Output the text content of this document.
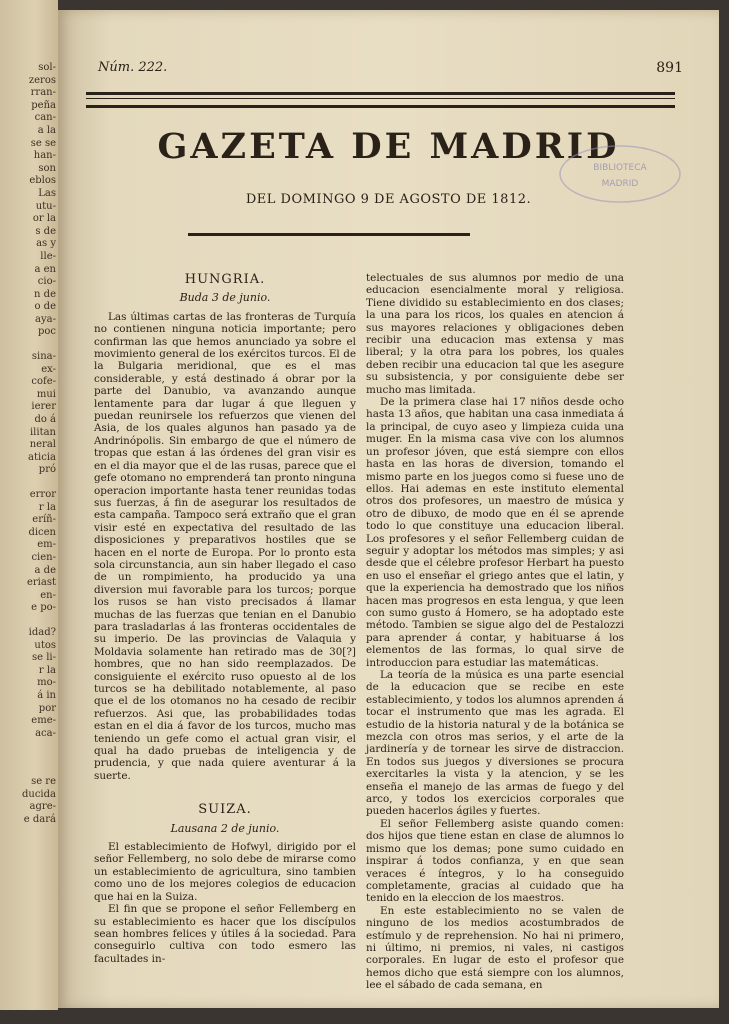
sol-
zeros
rran-
peña
can-
a la
se se
han-
son
eblos
Las
utu-
or la
s de
as y
lle-
a en
cio-
n de
o de
aya-
poc
sina-
ex-
cofe-
mui
ierer
do á
ilitan
neral
aticia
pró
error
r la
eríñ-
dicen
em-
cien-
a de
eriast
en-
e po-
idad?
utos
se li-
r la
mo-
á in
por
eme-
aca-
se re
ducida
agre-
e dará
Núm. 222.	891
GAZETA DE MADRID
DEL DOMINGO 9 DE AGOSTO DE 1812.
BIBLIOTECA
MADRID
HUNGRIA.
Buda 3 de junio.
Las últimas cartas de las fronteras de Turquía no contienen ninguna noticia importante; pero confirman las que hemos anunciado ya sobre el movimiento general de los exércitos turcos. El de la Bulgaria meridional, que es el mas considerable, y está destinado á obrar por la parte del Danubio, va avanzando aunque lentamente para dar lugar á que lleguen y puedan reunirsele los refuerzos que vienen del Asia, de los quales algunos han pasado ya de Andrinópolis. Sin embargo de que el número de tropas que estan á las órdenes del gran visir es en el dia mayor que el de las rusas, parece que el gefe otomano no emprenderá tan pronto ninguna operacion importante hasta tener reunidas todas sus fuerzas, á fin de asegurar los resultados de esta campaña. Tampoco será extraño que el gran visir esté en expectativa del resultado de las disposiciones y preparativos hostiles que se hacen en el norte de Europa. Por lo pronto esta sola circunstancia, aun sin haber llegado el caso de un rompimiento, ha producido ya una diversion mui favorable para los turcos; porque los rusos se han visto precisados á llamar muchas de las fuerzas que tenian en el Danubio para trasladarlas á las fronteras occidentales de su imperio. De las provincias de Valaquia y Moldavia solamente han retirado mas de 30[?] hombres, que no han sido reemplazados. De consiguiente el exército ruso opuesto al de los turcos se ha debilitado notablemente, al paso que el de los otomanos no ha cesado de recibir refuerzos. Asi que, las probabilidades todas estan en el dia á favor de los turcos, mucho mas teniendo un gefe como el actual gran visir, el qual ha dado pruebas de inteligencia y de prudencia, y que nada quiere aventurar á la suerte.
SUIZA.
Lausana 2 de junio.
El establecimiento de Hofwyl, dirigido por el señor Fellemberg, no solo debe de mirarse como un establecimiento de agricultura, sino tambien como uno de los mejores colegios de educacion que hai en la Suiza.
El fin que se propone el señor Fellemberg en su establecimiento es hacer que los discípulos sean hombres felices y útiles á la sociedad. Para conseguirlo cultiva con todo esmero las facultades in-
telectuales de sus alumnos por medio de una educacion esencialmente moral y religiosa. Tiene dividido su establecimiento en dos clases; la una para los ricos, los quales en atencion á sus mayores relaciones y obligaciones deben recibir una educacion mas extensa y mas liberal; y la otra para los pobres, los quales deben recibir una educacion tal que les asegure su subsistencia, y por consiguiente debe ser mucho mas limitada.
De la primera clase hai 17 niños desde ocho hasta 13 años, que habitan una casa inmediata á la principal, de cuyo aseo y limpieza cuida una muger. En la misma casa vive con los alumnos un profesor jóven, que está siempre con ellos hasta en las horas de diversion, tomando el mismo parte en los juegos como si fuese uno de ellos. Hai ademas en este instituto elemental otros dos profesores, un maestro de música y otro de dibuxo, de modo que en él se aprende todo lo que constituye una educacion liberal. Los profesores y el señor Fellemberg cuidan de seguir y adoptar los métodos mas simples; y asi desde que el célebre profesor Herbart ha puesto en uso el enseñar el griego antes que el latin, y que la experiencia ha demostrado que los niños hacen mas progresos en esta lengua, y que leen con sumo gusto á Homero, se ha adoptado este método. Tambien se sigue algo del de Pestalozzi para aprender á contar, y habituarse á los elementos de las formas, lo qual sirve de introduccion para estudiar las matemáticas.
La teoría de la música es una parte esencial de la educacion que se recibe en este establecimiento, y todos los alumnos aprenden á tocar el instrumento que mas les agrada. El estudio de la historia natural y de la botánica se mezcla con otros mas serios, y el arte de la jardinería y de tornear les sirve de distraccion. En todos sus juegos y diversiones se procura exercitarles la vista y la atencion, y se les enseña el manejo de las armas de fuego y del arco, y todos los exercicios corporales que pueden hacerlos ágiles y fuertes.
El señor Fellemberg asiste quando comen: dos hijos que tiene estan en clase de alumnos lo mismo que los demas; pone sumo cuidado en inspirar á todos confianza, y en que sean veraces é íntegros, y lo ha conseguido completamente, gracias al cuidado que ha tenido en la eleccion de los maestros.
En este establecimiento no se valen de ninguno de los medios acostumbrados de estímulo y de reprehension. No hai ni primero, ni último, ni premios, ni vales, ni castigos corporales. En lugar de esto el profesor que hemos dicho que está siempre con los alumnos, lee el sábado de cada semana, en
